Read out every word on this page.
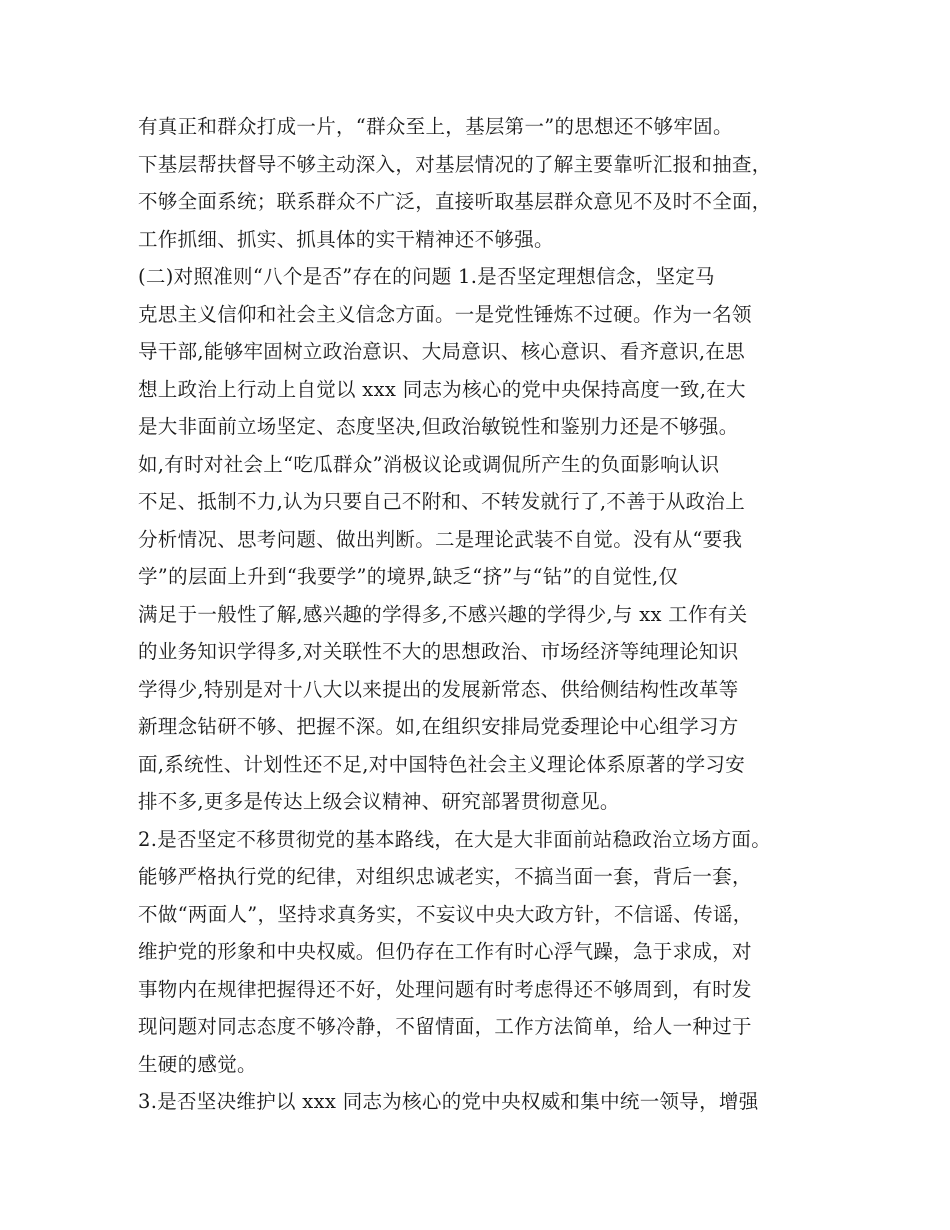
有真正和群众打成一片，“群众至上，基层第一”的思想还不够牢固。
下基层帮扶督导不够主动深入，对基层情况的了解主要靠听汇报和抽查，
不够全面系统；联系群众不广泛，直接听取基层群众意见不及时不全面，
工作抓细、抓实、抓具体的实干精神还不够强。
(二)对照准则“八个是否”存在的问题 1.是否坚定理想信念，坚定马
克思主义信仰和社会主义信念方面。一是党性锤炼不过硬。作为一名领
导干部,能够牢固树立政治意识、大局意识、核心意识、看齐意识,在思
想上政治上行动上自觉以 xxx 同志为核心的党中央保持高度一致,在大
是大非面前立场坚定、态度坚决,但政治敏锐性和鉴别力还是不够强。
如,有时对社会上“吃瓜群众”消极议论或调侃所产生的负面影响认识
不足、抵制不力,认为只要自己不附和、不转发就行了,不善于从政治上
分析情况、思考问题、做出判断。二是理论武装不自觉。没有从“要我
学”的层面上升到“我要学”的境界,缺乏“挤”与“钻”的自觉性,仅
满足于一般性了解,感兴趣的学得多,不感兴趣的学得少,与 xx 工作有关
的业务知识学得多,对关联性不大的思想政治、市场经济等纯理论知识
学得少,特别是对十八大以来提出的发展新常态、供给侧结构性改革等
新理念钻研不够、把握不深。如,在组织安排局党委理论中心组学习方
面,系统性、计划性还不足,对中国特色社会主义理论体系原著的学习安
排不多,更多是传达上级会议精神、研究部署贯彻意见。
2.是否坚定不移贯彻党的基本路线，在大是大非面前站稳政治立场方面。
能够严格执行党的纪律，对组织忠诚老实，不搞当面一套，背后一套，
不做“两面人”，坚持求真务实，不妄议中央大政方针，不信谣、传谣，
维护党的形象和中央权威。但仍存在工作有时心浮气躁，急于求成，对
事物内在规律把握得还不好，处理问题有时考虑得还不够周到，有时发
现问题对同志态度不够冷静，不留情面，工作方法简单，给人一种过于
生硬的感觉。
3.是否坚决维护以 xxx 同志为核心的党中央权威和集中统一领导，增强
